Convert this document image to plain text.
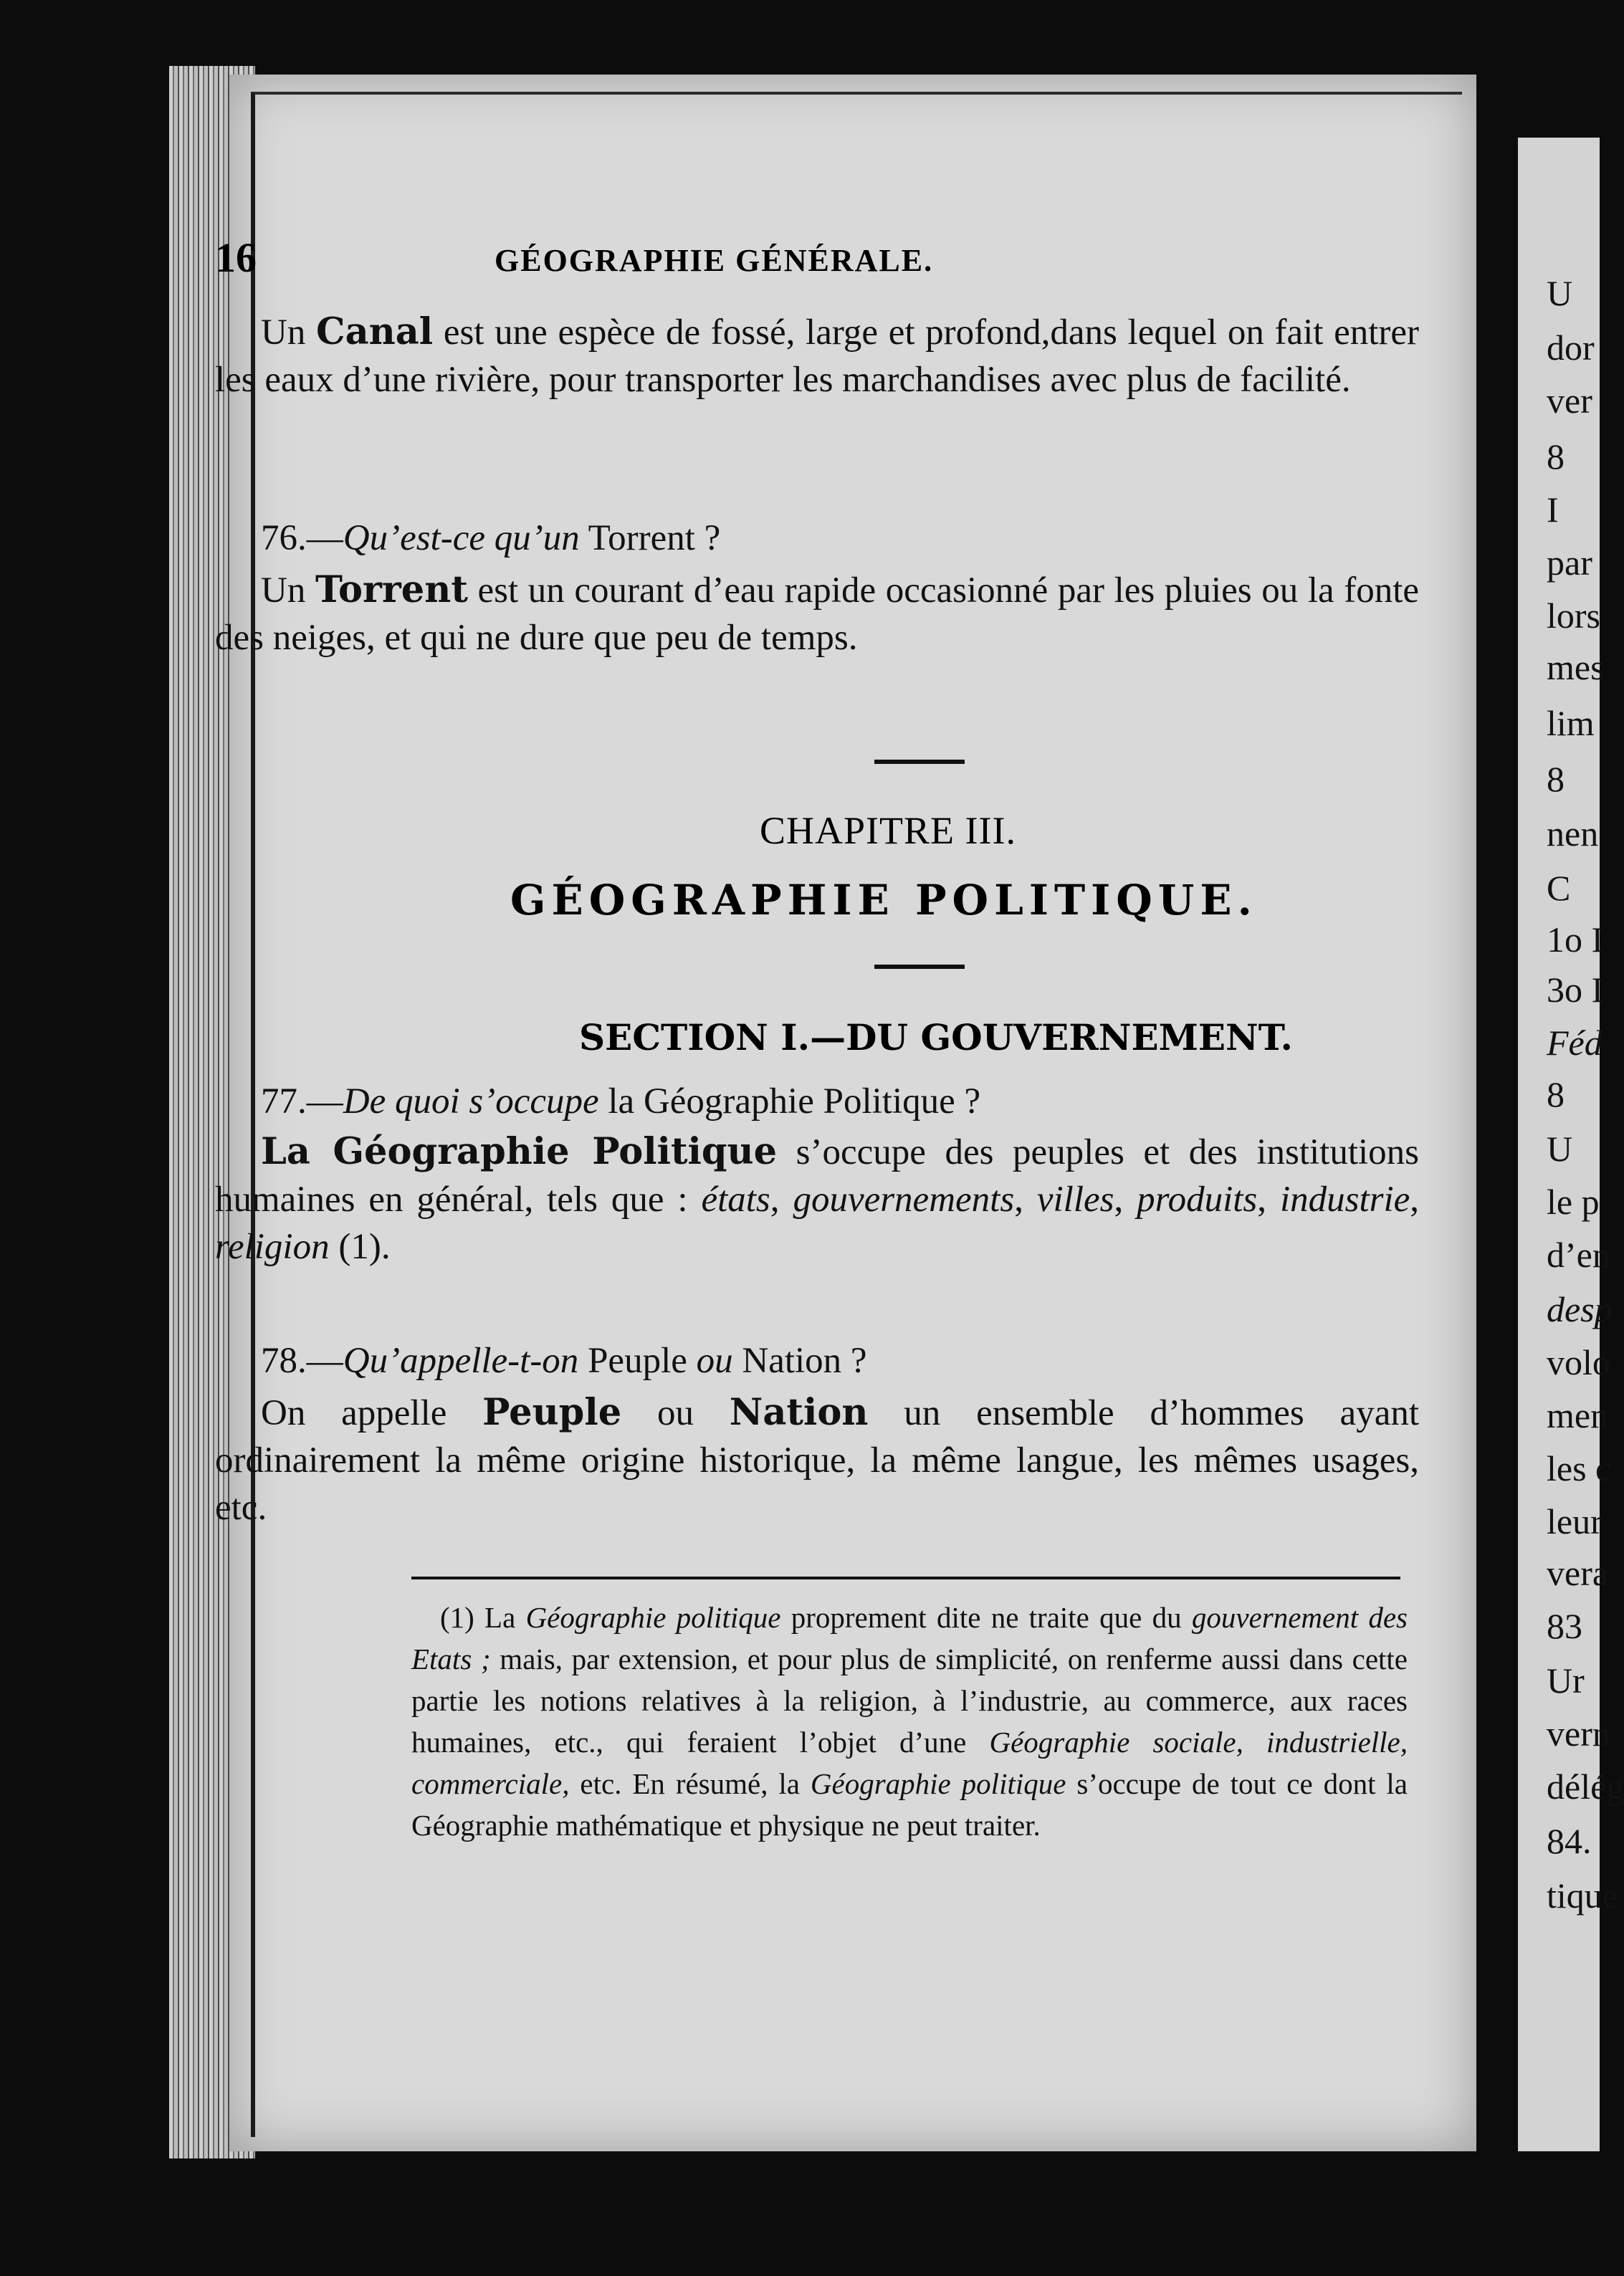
U
dor
ver
8
I
par
lors
mes
lim
8
nen
C
1o I
3o I
Féd
8
U
le p
d’en
desp
volo
men
les c
leur
vera
83
Ur
vern
délég
84.
tique
16	GÉOGRAPHIE GÉNÉRALE.
Un Canal est une espèce de fossé, large et profond,dans lequel on fait entrer les eaux d’une rivière, pour transporter les marchandises avec plus de facilité.
76.—Qu’est-ce qu’un Torrent ?
Un Torrent est un courant d’eau rapide occasionné par les pluies ou la fonte des neiges, et qui ne dure que peu de temps.
CHAPITRE III.
GÉOGRAPHIE POLITIQUE.
SECTION I.—DU GOUVERNEMENT.
77.—De quoi s’occupe la Géographie Politique ?
La Géographie Politique s’occupe des peuples et des institutions humaines en général, tels que : états, gouvernements, villes, produits, industrie, religion (1).
78.—Qu’appelle-t-on Peuple ou Nation ?
On appelle Peuple ou Nation un ensemble d’hommes ayant ordinairement la même origine historique, la même langue, les mêmes usages, etc.
(1) La Géographie politique proprement dite ne traite que du gouvernement des Etats ; mais, par extension, et pour plus de simplicité, on renferme aussi dans cette partie les notions relatives à la religion, à l’industrie, au commerce, aux races humaines, etc., qui feraient l’objet d’une Géographie sociale, industrielle, commerciale, etc. En résumé, la Géographie politique s’occupe de tout ce dont la Géographie mathématique et physique ne peut traiter.
